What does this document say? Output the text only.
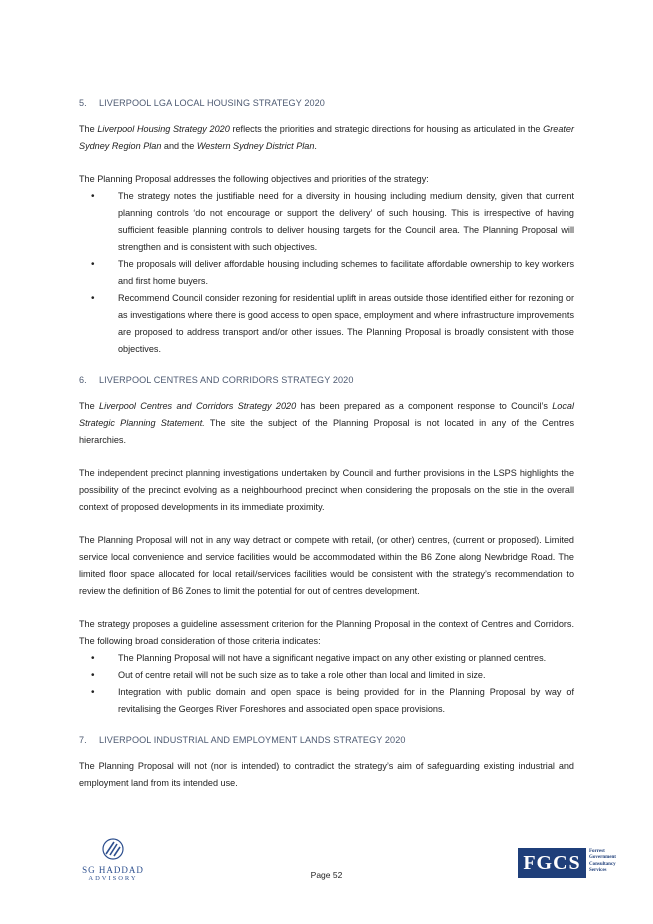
5. LIVERPOOL LGA LOCAL HOUSING STRATEGY 2020

The Liverpool Housing Strategy 2020 reflects the priorities and strategic directions for housing as articulated in the Greater Sydney Region Plan and the Western Sydney District Plan.

The Planning Proposal addresses the following objectives and priorities of the strategy:

• The strategy notes the justifiable need for a diversity in housing including medium density, given that current planning controls ‘do not encourage or support the delivery’ of such housing. This is irrespective of having sufficient feasible planning controls to deliver housing targets for the Council area. The Planning Proposal will strengthen and is consistent with such objectives.
• The proposals will deliver affordable housing including schemes to facilitate affordable ownership to key workers and first home buyers.
• Recommend Council consider rezoning for residential uplift in areas outside those identified either for rezoning or as investigations where there is good access to open space, employment and where infrastructure improvements are proposed to address transport and/or other issues. The Planning Proposal is broadly consistent with those objectives.
6. LIVERPOOL CENTRES AND CORRIDORS STRATEGY 2020

The Liverpool Centres and Corridors Strategy 2020 has been prepared as a component response to Council’s Local Strategic Planning Statement. The site the subject of the Planning Proposal is not located in any of the Centres hierarchies.

The independent precinct planning investigations undertaken by Council and further provisions in the LSPS highlights the possibility of the precinct evolving as a neighbourhood precinct when considering the proposals on the stie in the overall context of proposed developments in its immediate proximity.

The Planning Proposal will not in any way detract or compete with retail, (or other) centres, (current or proposed). Limited service local convenience and service facilities would be accommodated within the B6 Zone along Newbridge Road. The limited floor space allocated for local retail/services facilities would be consistent with the strategy’s recommendation to review the definition of B6 Zones to limit the potential for out of centres development.

The strategy proposes a guideline assessment criterion for the Planning Proposal in the context of Centres and Corridors. The following broad consideration of those criteria indicates:

• The Planning Proposal will not have a significant negative impact on any other existing or planned centres.
• Out of centre retail will not be such size as to take a role other than local and limited in size.
• Integration with public domain and open space is being provided for in the Planning Proposal by way of revitalising the Georges River Foreshores and associated open space provisions.
7. LIVERPOOL INDUSTRIAL AND EMPLOYMENT LANDS STRATEGY 2020

The Planning Proposal will not (nor is intended) to contradict the strategy’s aim of safeguarding existing industrial and employment land from its intended use.

SG HADDAD
ADVISORY	Page 52
FGCS
Forrest
Government
Consultancy
Services
